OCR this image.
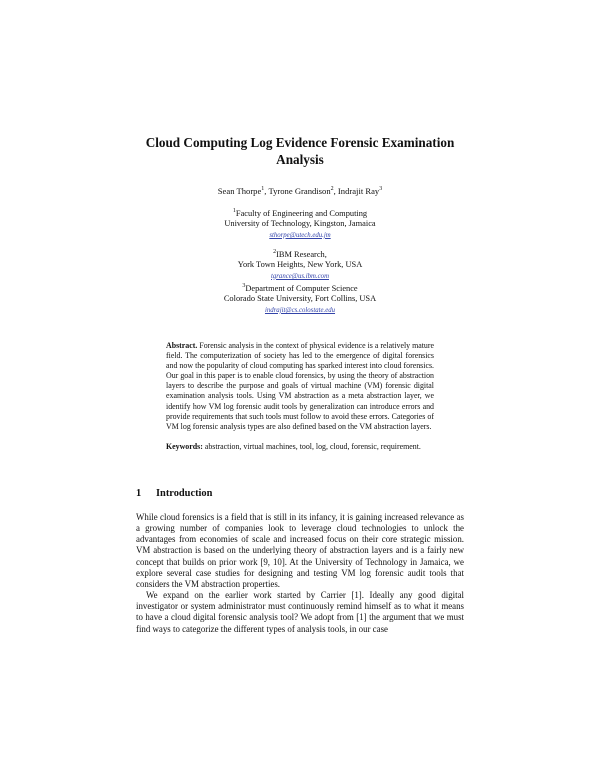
Cloud Computing Log Evidence Forensic Examination
Analysis
Sean Thorpe$^1$, Tyrone Grandison$^2$, Indrajit Ray$^3$
$^1$Faculty of Engineering and Computing
University of Technology, Kingston, Jamaica
sthorpe@utech.edu.jm
$^2$IBM Research,
York Town Heights, New York, USA
tgrance@us.ibm.com
$^3$Department of Computer Science
Colorado State University, Fort Collins, USA
indrajit@cs.colostate.edu
Abstract. Forensic analysis in the context of physical evidence is a relatively mature field. The computerization of society has led to the emergence of digital forensics and now the popularity of cloud computing has sparked interest into cloud forensics. Our goal in this paper is to enable cloud forensics, by using the theory of abstraction layers to describe the purpose and goals of virtual machine (VM) forensic digital examination analysis tools. Using VM abstraction as a meta abstraction layer, we identify how VM log forensic audit tools by generalization can introduce errors and provide requirements that such tools must follow to avoid these errors. Categories of VM log forensic analysis types are also defined based on the VM abstraction layers.
Keywords: abstraction, virtual machines, tool, log, cloud, forensic, requirement.
1 Introduction

While cloud forensics is a field that is still in its infancy, it is gaining increased relevance as a growing number of companies look to leverage cloud technologies to unlock the advantages from economies of scale and increased focus on their core strategic mission. VM abstraction is based on the underlying theory of abstraction layers and is a fairly new concept that builds on prior work [9, 10]. At the University of Technology in Jamaica, we explore several case studies for designing and testing VM log forensic audit tools that considers the VM abstraction properties.

We expand on the earlier work started by Carrier [1]. Ideally any good digital investigator or system administrator must continuously remind himself as to what it means to have a cloud digital forensic analysis tool? We adopt from [1] the argument that we must find ways to categorize the different types of analysis tools, in our case
